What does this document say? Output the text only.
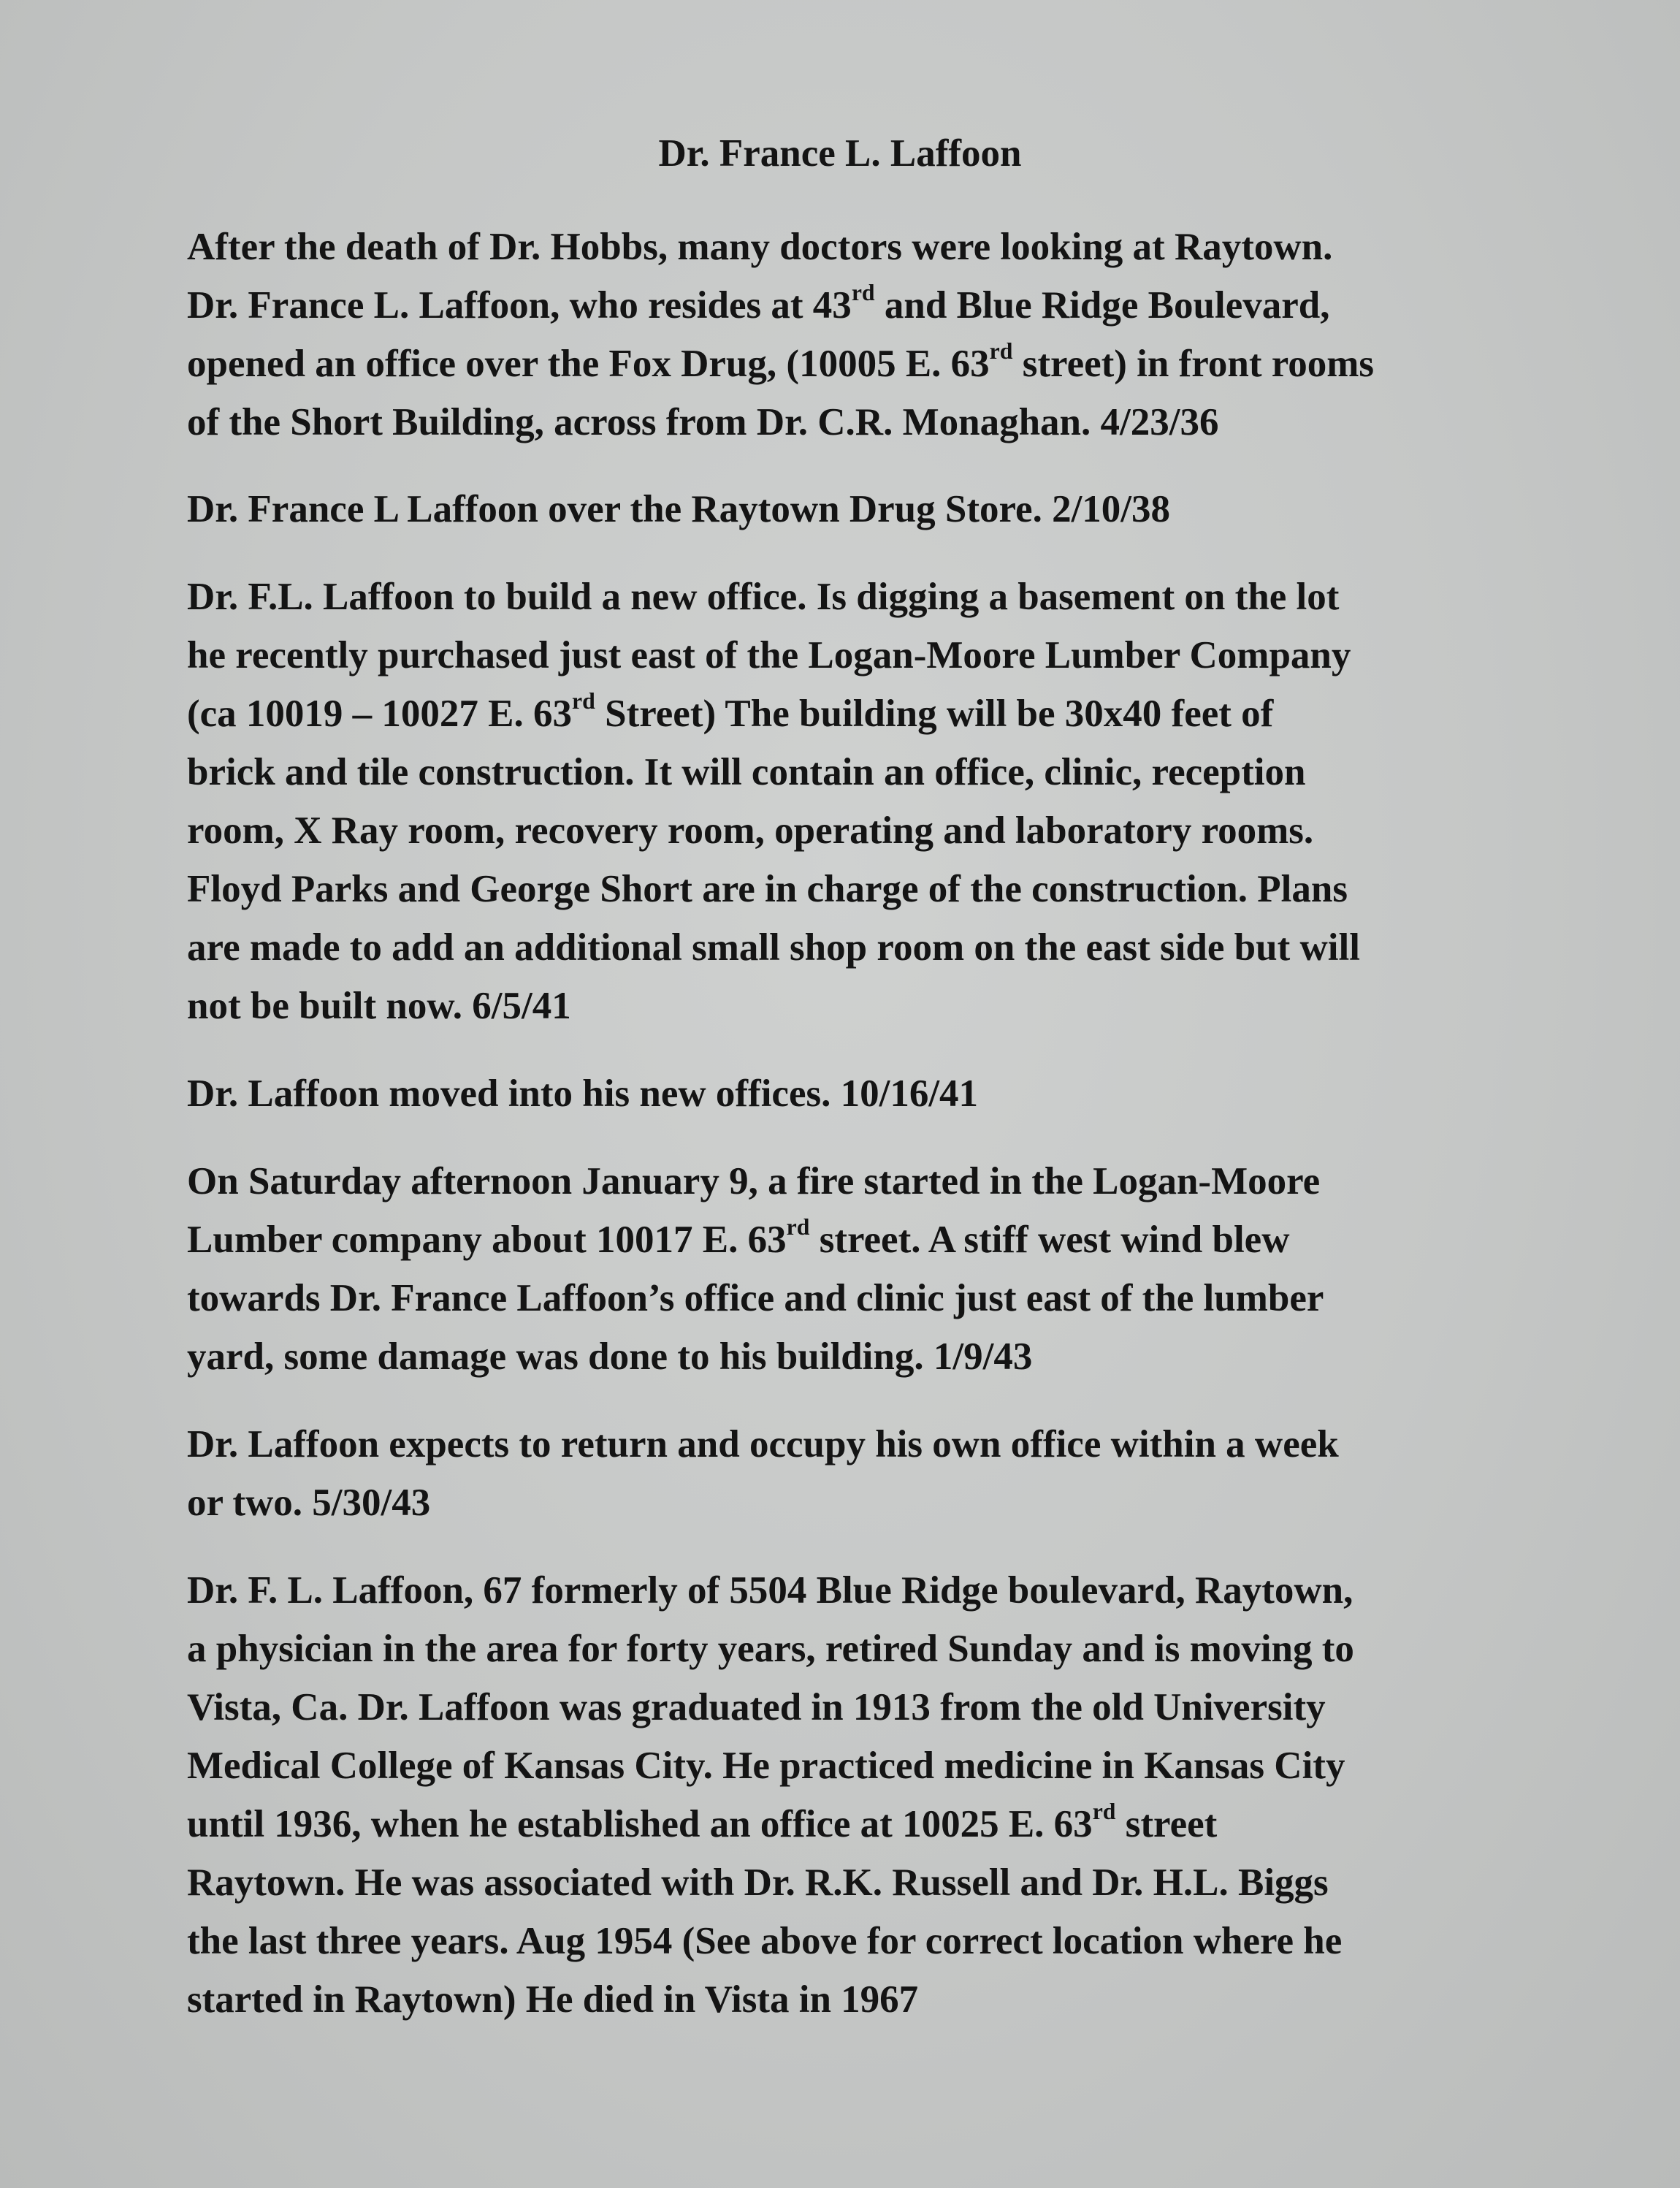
Dr. France L. Laffoon

After the death of Dr. Hobbs, many doctors were looking at Raytown.
Dr. France L. Laffoon, who resides at 43rd and Blue Ridge Boulevard,
opened an office over the Fox Drug, (10005 E. 63rd street) in front rooms
of the Short Building, across from Dr. C.R. Monaghan. 4/23/36

Dr. France L Laffoon over the Raytown Drug Store. 2/10/38

Dr. F.L. Laffoon to build a new office. Is digging a basement on the lot
he recently purchased just east of the Logan-Moore Lumber Company
(ca 10019 – 10027 E. 63rd Street) The building will be 30x40 feet of
brick and tile construction. It will contain an office, clinic, reception
room, X Ray room, recovery room, operating and laboratory rooms.
Floyd Parks and George Short are in charge of the construction. Plans
are made to add an additional small shop room on the east side but will
not be built now. 6/5/41

Dr. Laffoon moved into his new offices. 10/16/41

On Saturday afternoon January 9, a fire started in the Logan-Moore
Lumber company about 10017 E. 63rd street. A stiff west wind blew
towards Dr. France Laffoon’s office and clinic just east of the lumber
yard, some damage was done to his building. 1/9/43

Dr. Laffoon expects to return and occupy his own office within a week
or two. 5/30/43

Dr. F. L. Laffoon, 67 formerly of 5504 Blue Ridge boulevard, Raytown,
a physician in the area for forty years, retired Sunday and is moving to
Vista, Ca. Dr. Laffoon was graduated in 1913 from the old University
Medical College of Kansas City. He practiced medicine in Kansas City
until 1936, when he established an office at 10025 E. 63rd street
Raytown. He was associated with Dr. R.K. Russell and Dr. H.L. Biggs
the last three years. Aug 1954 (See above for correct location where he
started in Raytown) He died in Vista in 1967
